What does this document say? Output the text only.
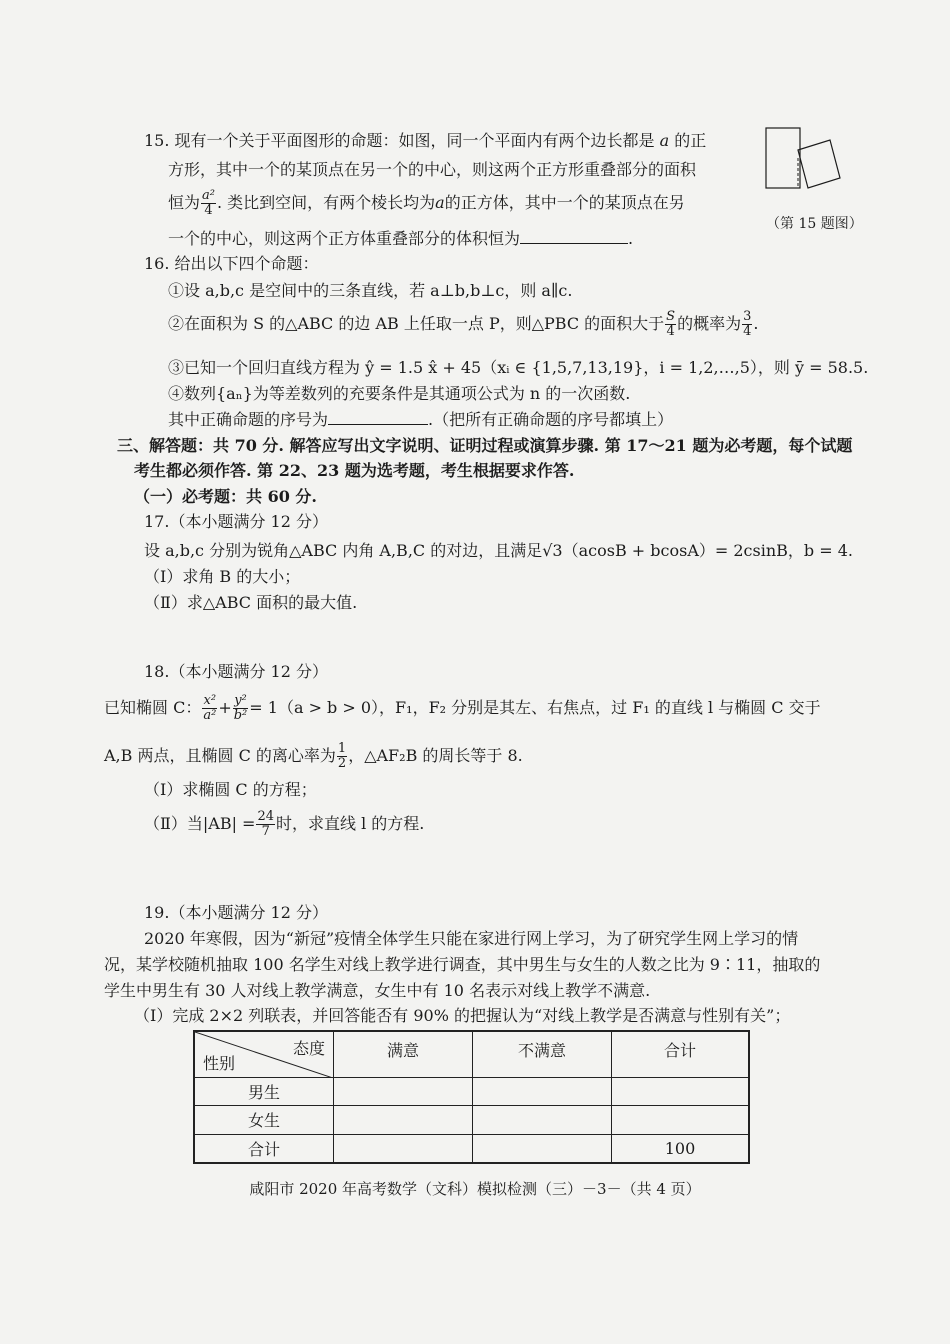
15. 现有一个关于平面图形的命题：如图，同一个平面内有两个边长都是 a 的正
方形，其中一个的某顶点在另一个的中心，则这两个正方形重叠部分的面积
恒为 $\frac{\text{a²}}{4}$ . 类比到空间，有两个棱长均为a的正方体，其中一个的某顶点在另
一个的中心，则这两个正方体重叠部分的体积恒为	.
（第 15 题图）
16. 给出以下四个命题：
①设 a,b,c 是空间中的三条直线，若 a⊥b,b⊥c，则 a∥c.
②在面积为 S 的△ABC 的边 AB 上任取一点 P，则△PBC 的面积大于 $\frac{S}{4}$ 的概率为 $\frac{3}{4}$ .
③已知一个回归直线方程为 ŷ = 1.5 x̂ + 45（xᵢ ∈ {1,5,7,13,19}，i = 1,2,…,5），则 ȳ = 58.5.
④数列{aₙ}为等差数列的充要条件是其通项公式为 n 的一次函数.
其中正确命题的序号为	.（把所有正确命题的序号都填上）
三、解答题：共 70 分. 解答应写出文字说明、证明过程或演算步骤. 第 17～21 题为必考题，每个试题
考生都必须作答. 第 22、23 题为选考题，考生根据要求作答.
（一）必考题：共 60 分.
17.（本小题满分 12 分）
设 a,b,c 分别为锐角△ABC 内角 A,B,C 的对边，且满足√3（acosB + bcosA）= 2csinB，b = 4.
（Ⅰ）求角 B 的大小；
（Ⅱ）求△ABC 面积的最大值.
18.（本小题满分 12 分）
已知椭圆 C： $\frac{\text{x²}}{\text{a²}} + \frac{\text{y²}}{\text{b²}} = 1(a > b > 0)$，F₁，F₂ 分别是其左、右焦点，过 F₁ 的直线 l 与椭圆 C 交于
A,B 两点，且椭圆 C 的离心率为 $\frac{1}{2}$ ，△AF₂B 的周长等于 8.
（Ⅰ）求椭圆 C 的方程；
（Ⅱ）当$|AB| = \frac{24}{7}$ 时，求直线 l 的方程.
19.（本小题满分 12 分）
2020 年寒假，因为“新冠”疫情全体学生只能在家进行网上学习，为了研究学生网上学习的情
况，某学校随机抽取 100 名学生对线上教学进行调查，其中男生与女生的人数之比为 9∶11，抽取的
学生中男生有 30 人对线上教学满意，女生中有 10 名表示对线上教学不满意.
（Ⅰ）完成 2×2 列联表，并回答能否有 90% 的把握认为“对线上教学是否满意与性别有关”；
态度
性别	满意	不满意	合计
男生			
女生			
合计			100
咸阳市 2020 年高考数学（文科）模拟检测（三）－3－（共 4 页）
